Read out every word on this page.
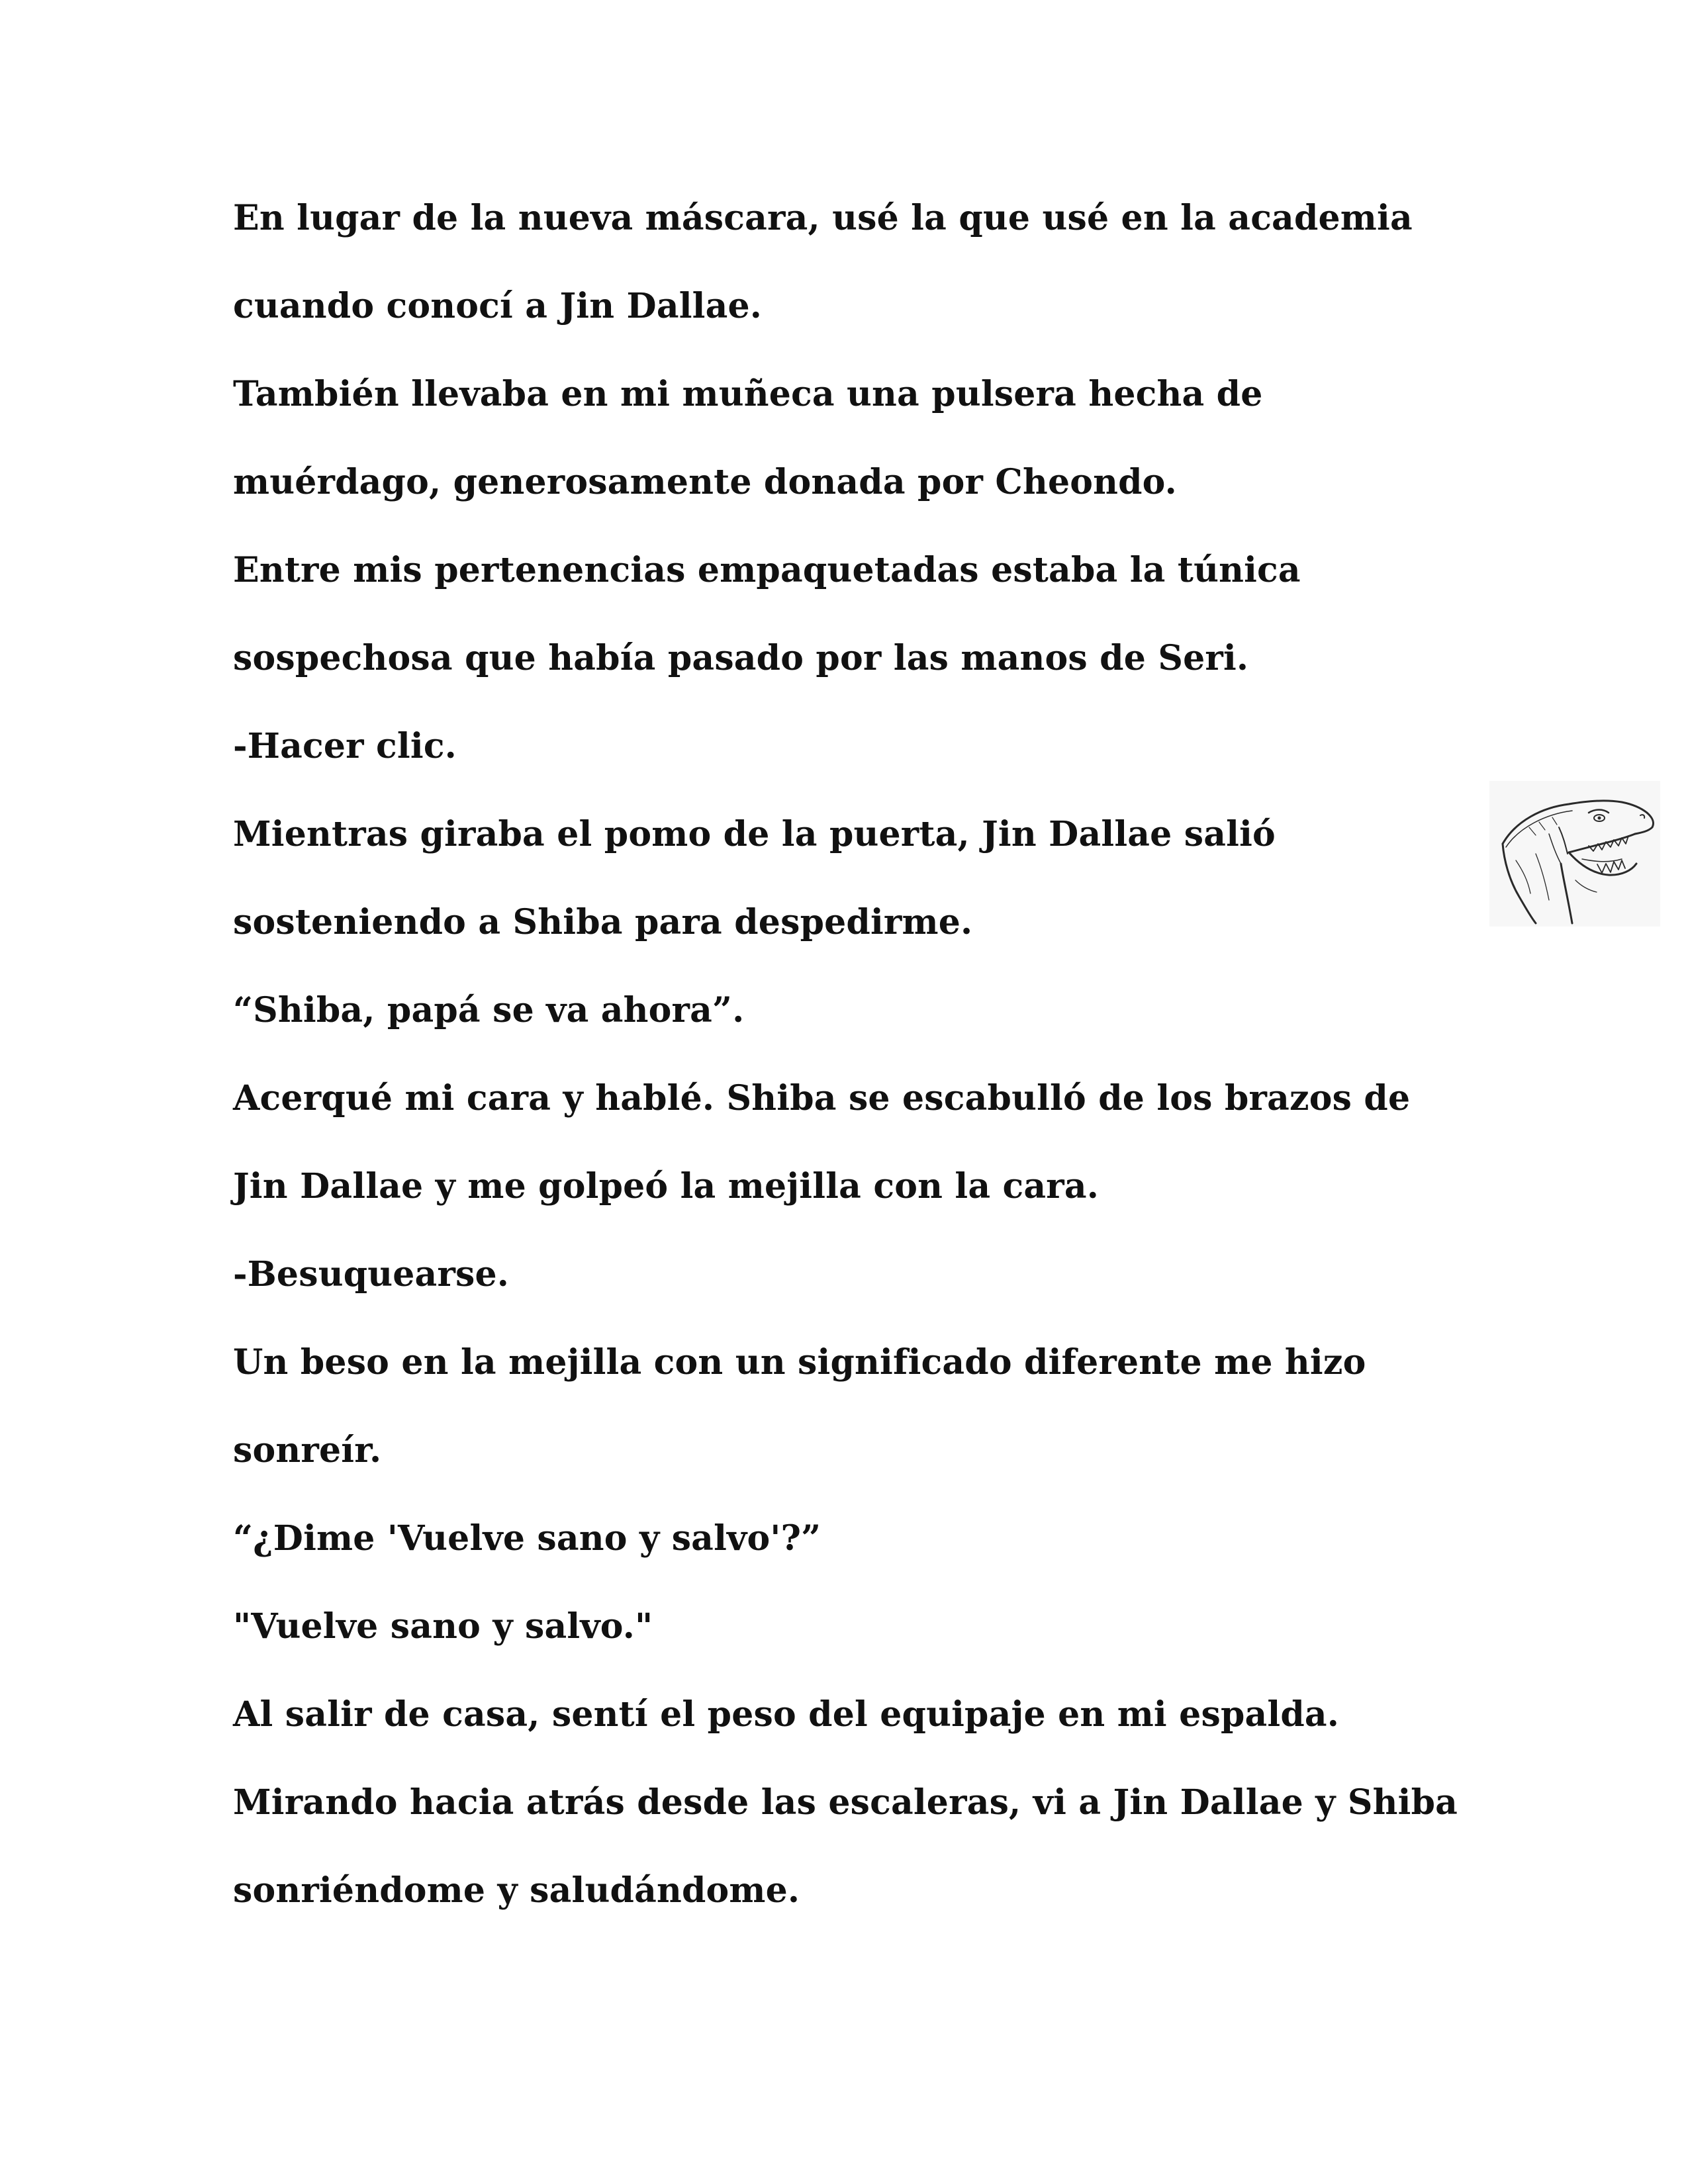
En lugar de la nueva máscara, usé la que usé en la academia
cuando conocí a Jin Dallae.
También llevaba en mi muñeca una pulsera hecha de
muérdago, generosamente donada por Cheondo.
Entre mis pertenencias empaquetadas estaba la túnica
sospechosa que había pasado por las manos de Seri.
-Hacer clic.
Mientras giraba el pomo de la puerta, Jin Dallae salió
sosteniendo a Shiba para despedirme.
“Shiba, papá se va ahora”.
Acerqué mi cara y hablé. Shiba se escabulló de los brazos de
Jin Dallae y me golpeó la mejilla con la cara.
-Besuquearse.
Un beso en la mejilla con un significado diferente me hizo
sonreír.
“¿Dime 'Vuelve sano y salvo'?”
"Vuelve sano y salvo."
Al salir de casa, sentí el peso del equipaje en mi espalda.
Mirando hacia atrás desde las escaleras, vi a Jin Dallae y Shiba
sonriéndome y saludándome.
